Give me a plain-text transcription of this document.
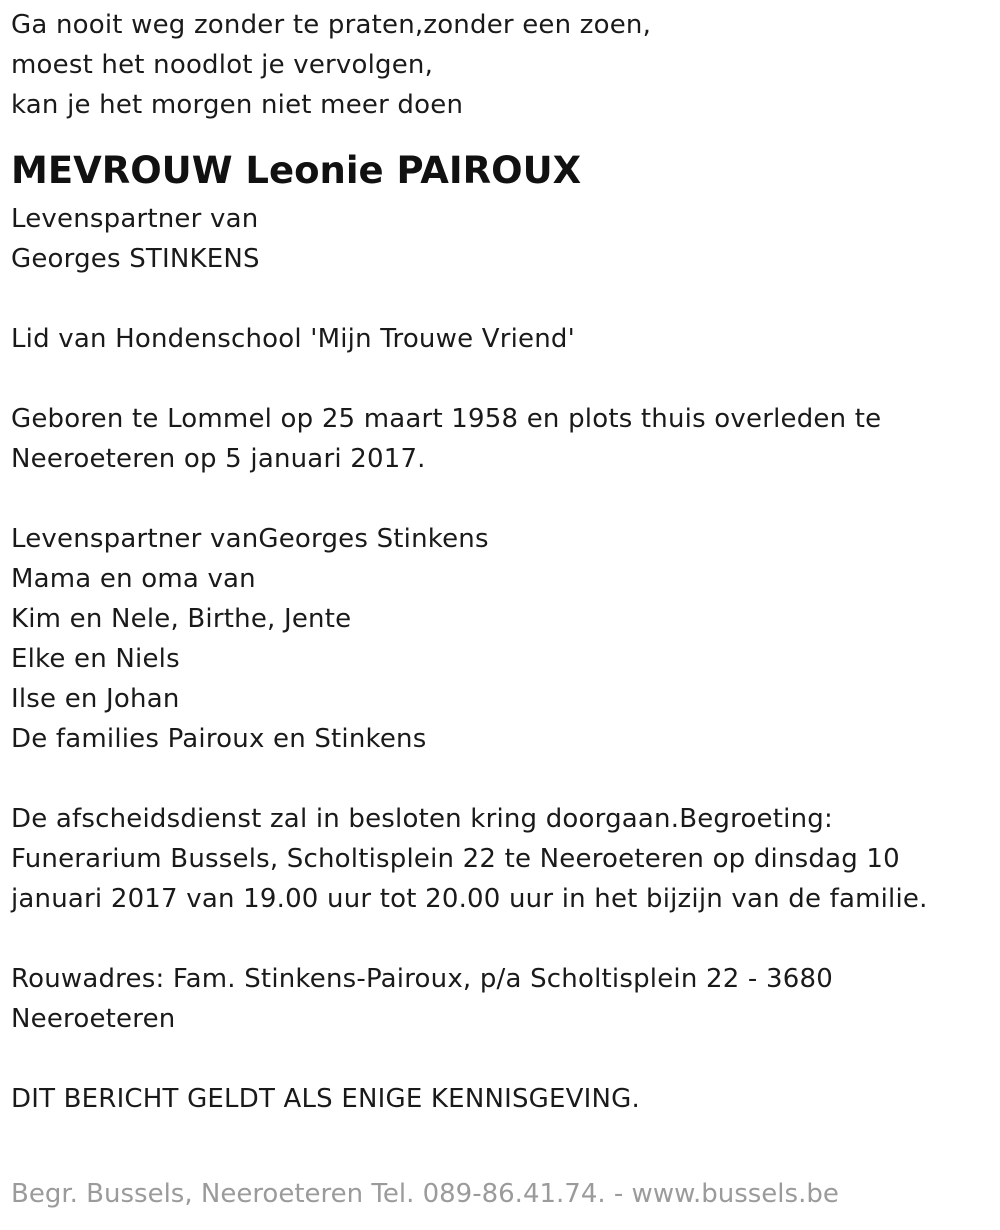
Ga nooit weg zonder te praten,zonder een zoen,
moest het noodlot je vervolgen,
kan je het morgen niet meer doen
MEVROUW Leonie PAIROUX
Levenspartner van
Georges STINKENS
Lid van Hondenschool 'Mijn Trouwe Vriend'
Geboren te Lommel op 25 maart 1958 en plots thuis overleden te
Neeroeteren op 5 januari 2017.
Levenspartner vanGeorges Stinkens
Mama en oma van
Kim en Nele, Birthe, Jente
Elke en Niels
Ilse en Johan
De families Pairoux en Stinkens
De afscheidsdienst zal in besloten kring doorgaan.Begroeting:
Funerarium Bussels, Scholtisplein 22 te Neeroeteren op dinsdag 10
januari 2017 van 19.00 uur tot 20.00 uur in het bijzijn van de familie.
Rouwadres: Fam. Stinkens-Pairoux, p/a Scholtisplein 22 - 3680
Neeroeteren
DIT BERICHT GELDT ALS ENIGE KENNISGEVING.
Begr. Bussels, Neeroeteren Tel. 089-86.41.74. - www.bussels.be
